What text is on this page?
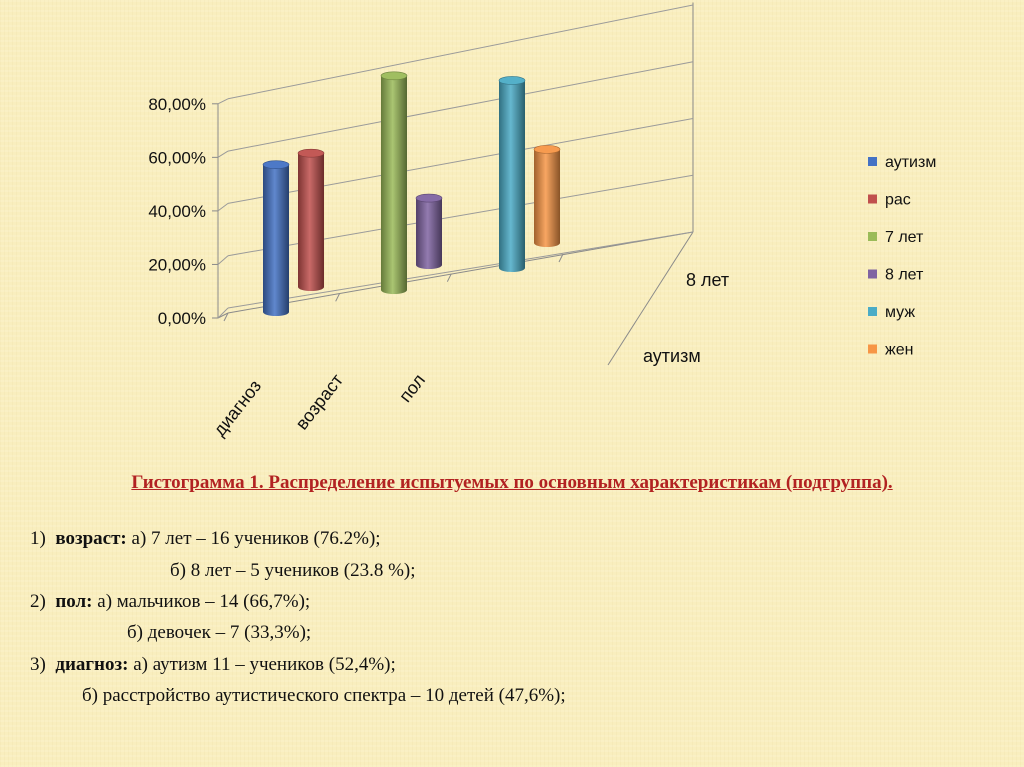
0,00%
20,00%
40,00%
60,00%
80,00%
диагноз возраст	пол
аутизм
8 лет
аутизм
рас
7 лет
8 лет
муж
жен
Гистограмма 1. Распределение испытуемых по основным характеристикам (подгруппа).
1) возраст: а) 7 лет – 16 учеников (76.2%);
б) 8 лет – 5 учеников (23.8 %);
2) пол: а) мальчиков – 14 (66,7%);
б) девочек – 7 (33,3%);
3) диагноз: а) аутизм 11 – учеников (52,4%);
б) расстройство аутистического спектра – 10 детей (47,6%);
